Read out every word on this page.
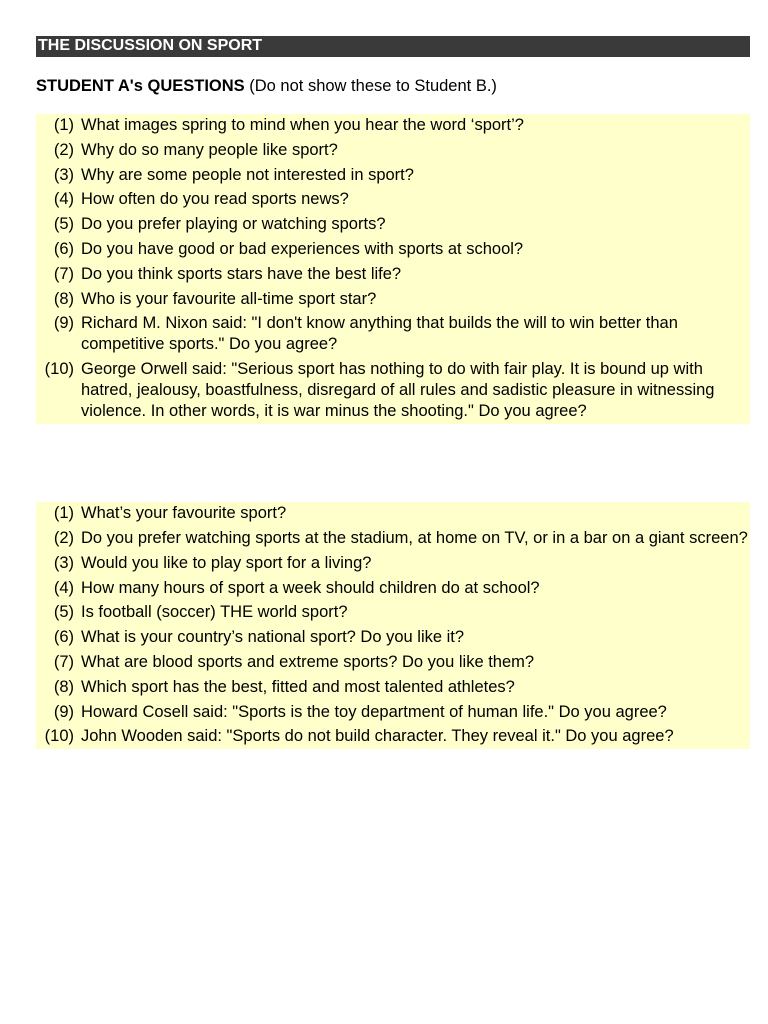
THE DISCUSSION ON SPORT
STUDENT A's QUESTIONS (Do not show these to Student B.)
(1) What images spring to mind when you hear the word ‘sport’?
(2) Why do so many people like sport?
(3) Why are some people not interested in sport?
(4) How often do you read sports news?
(5) Do you prefer playing or watching sports?
(6) Do you have good or bad experiences with sports at school?
(7) Do you think sports stars have the best life?
(8) Who is your favourite all-time sport star?
(9) Richard M. Nixon said: "I don't know anything that builds the will to win better than competitive sports." Do you agree?
(10) George Orwell said: "Serious sport has nothing to do with fair play. It is bound up with hatred, jealousy, boastfulness, disregard of all rules and sadistic pleasure in witnessing violence. In other words, it is war minus the shooting." Do you agree?
(1) What’s your favourite sport?
(2) Do you prefer watching sports at the stadium, at home on TV, or in a bar on a giant screen?
(3) Would you like to play sport for a living?
(4) How many hours of sport a week should children do at school?
(5) Is football (soccer) THE world sport?
(6) What is your country’s national sport? Do you like it?
(7) What are blood sports and extreme sports? Do you like them?
(8) Which sport has the best, fitted and most talented athletes?
(9) Howard Cosell said: "Sports is the toy department of human life." Do you agree?
(10) John Wooden said: "Sports do not build character. They reveal it." Do you agree?
